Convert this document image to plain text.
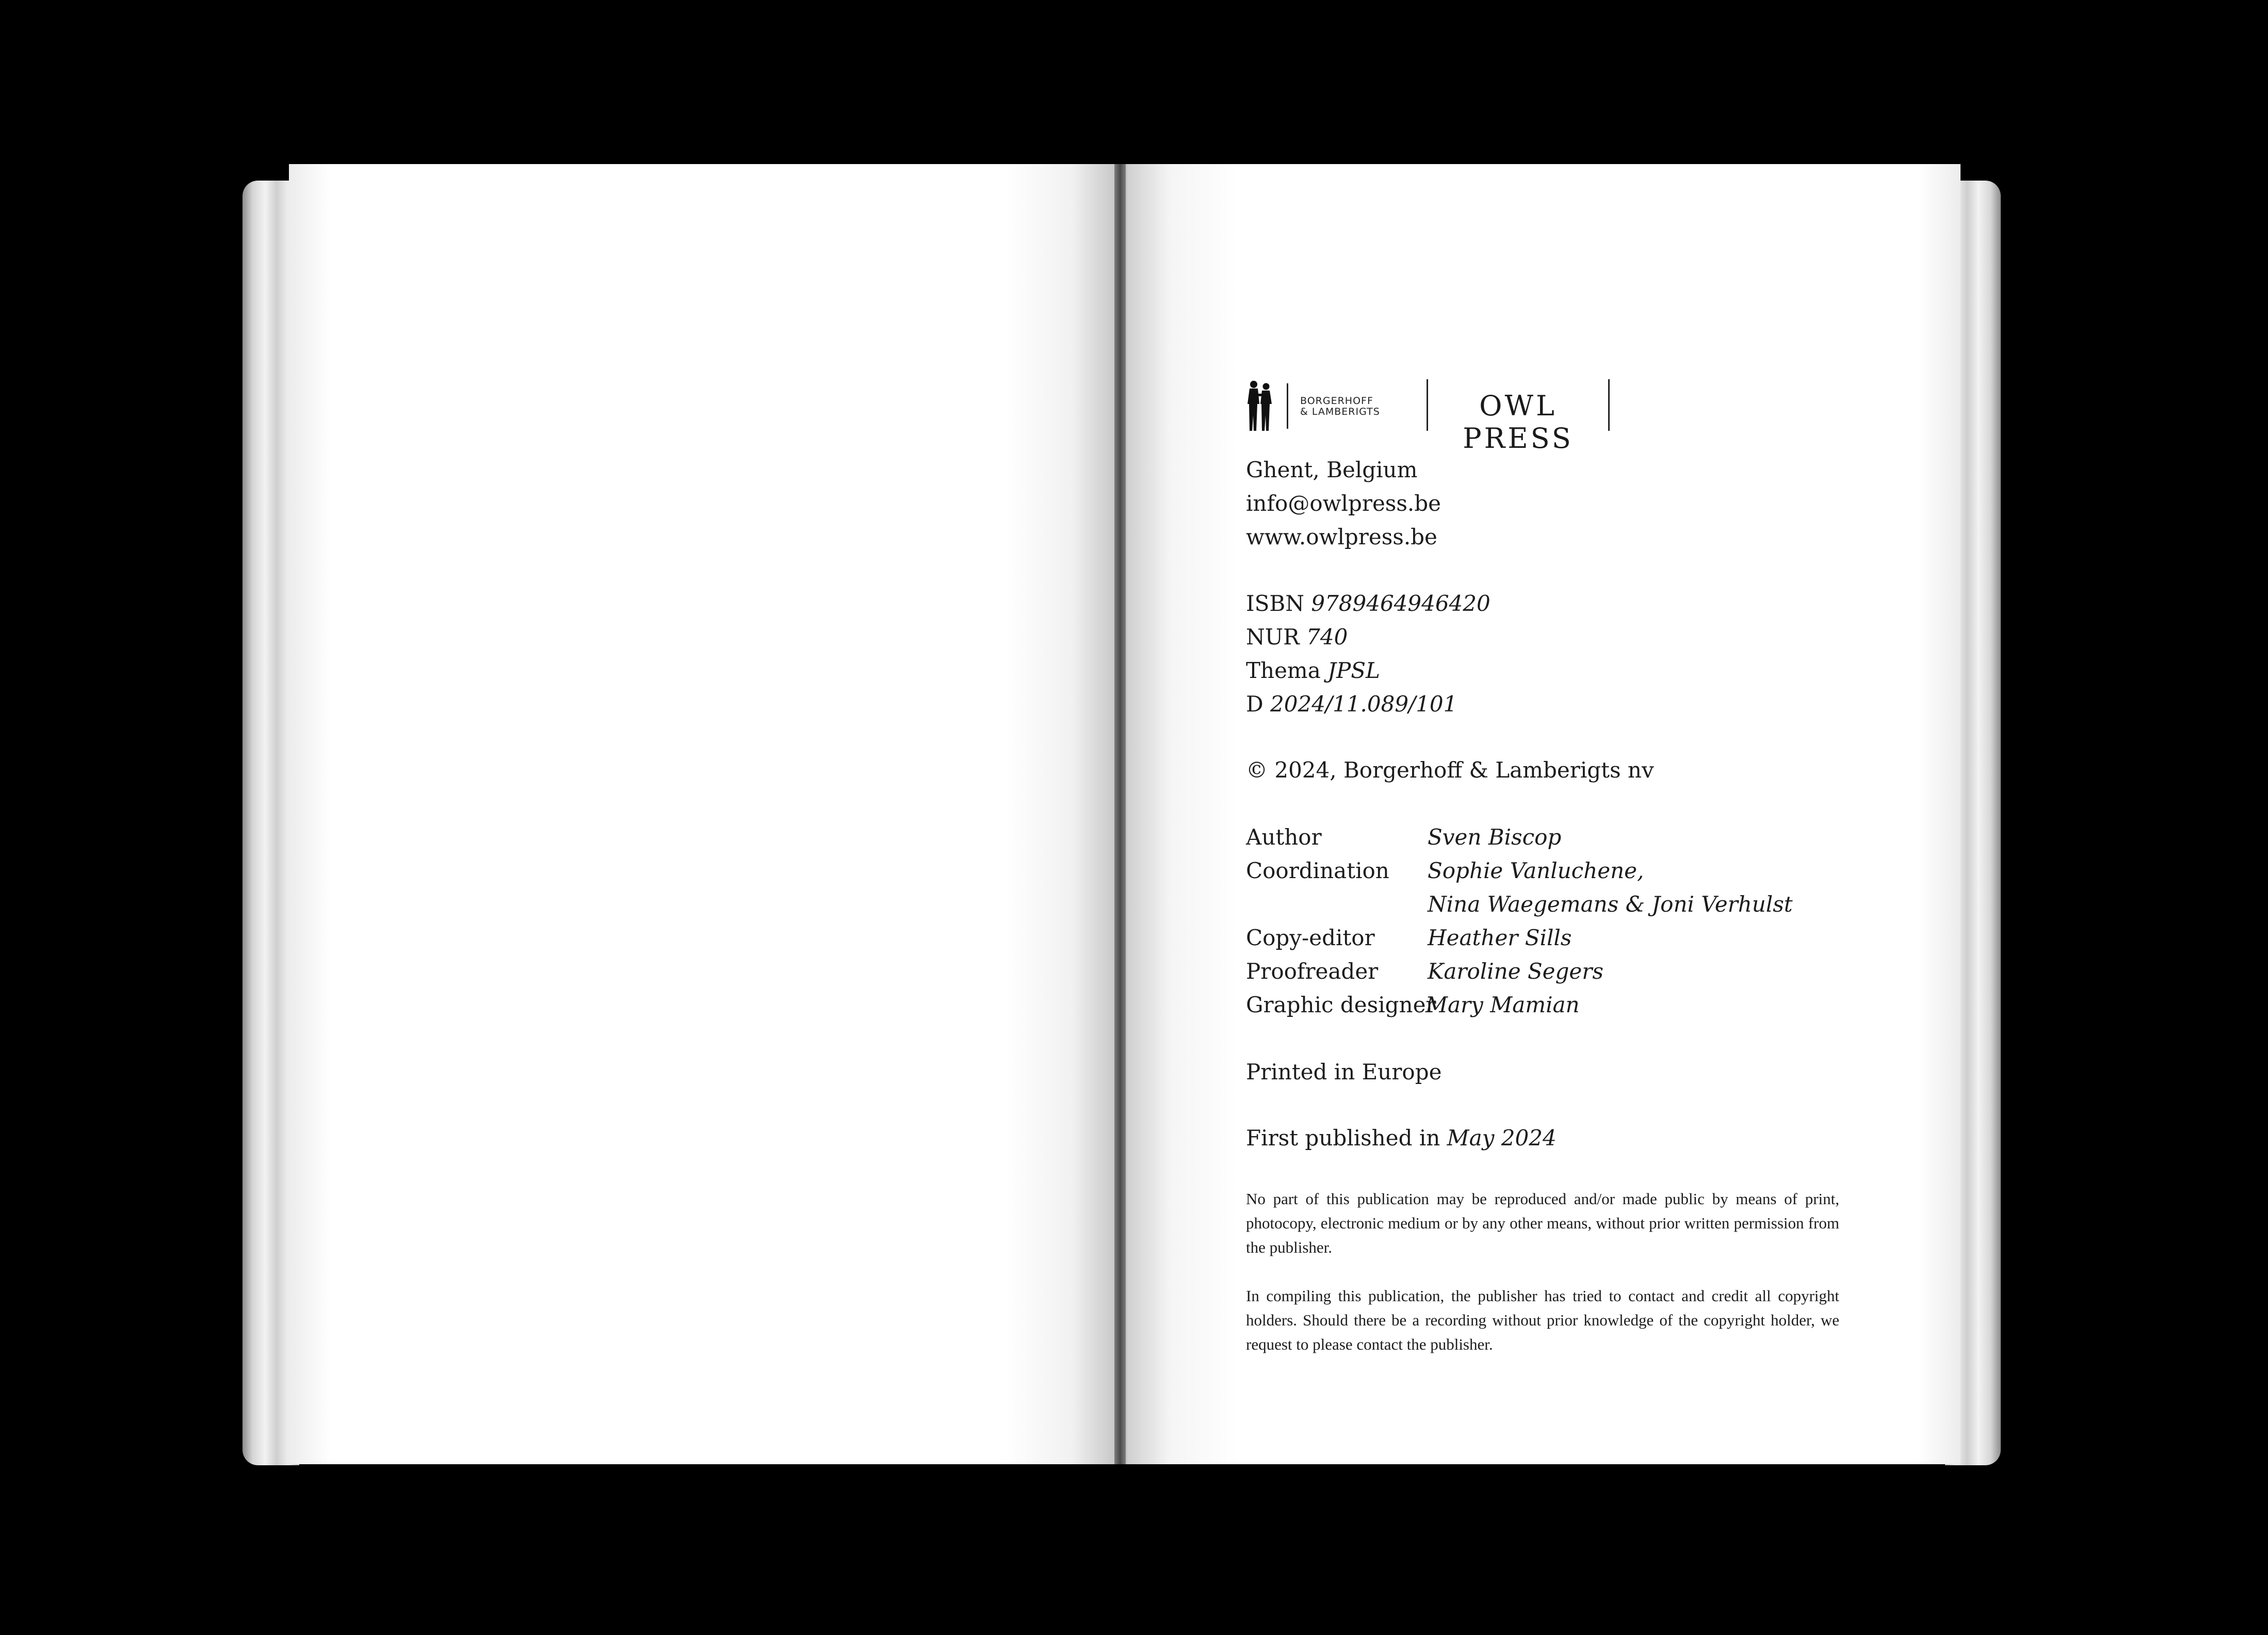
BORGERHOFF
& LAMBERIGTS	OWL PRESS
Ghent, Belgium
info@owlpress.be
www.owlpress.be
ISBN 9789464946420
NUR 740
Thema JPSL
D 2024/11.089/101
© 2024, Borgerhoff & Lamberigts nv
Author	Sven Biscop
Coordination Sophie Vanluchene,
Nina Waegemans & Joni Verhulst
Copy-editor Heather Sills
Proofreader Karoline Segers
Graphic designer
Mary Mamian
Printed in Europe
First published in May 2024
No part of this publication may be reproduced and/or made public by means of print, photocopy, electronic medium or by any other means, without prior written permission from the publisher.
In compiling this publication, the publisher has tried to contact and credit all copyright holders. Should there be a recording without prior knowledge of the copyright holder, we request to please contact the publisher.
